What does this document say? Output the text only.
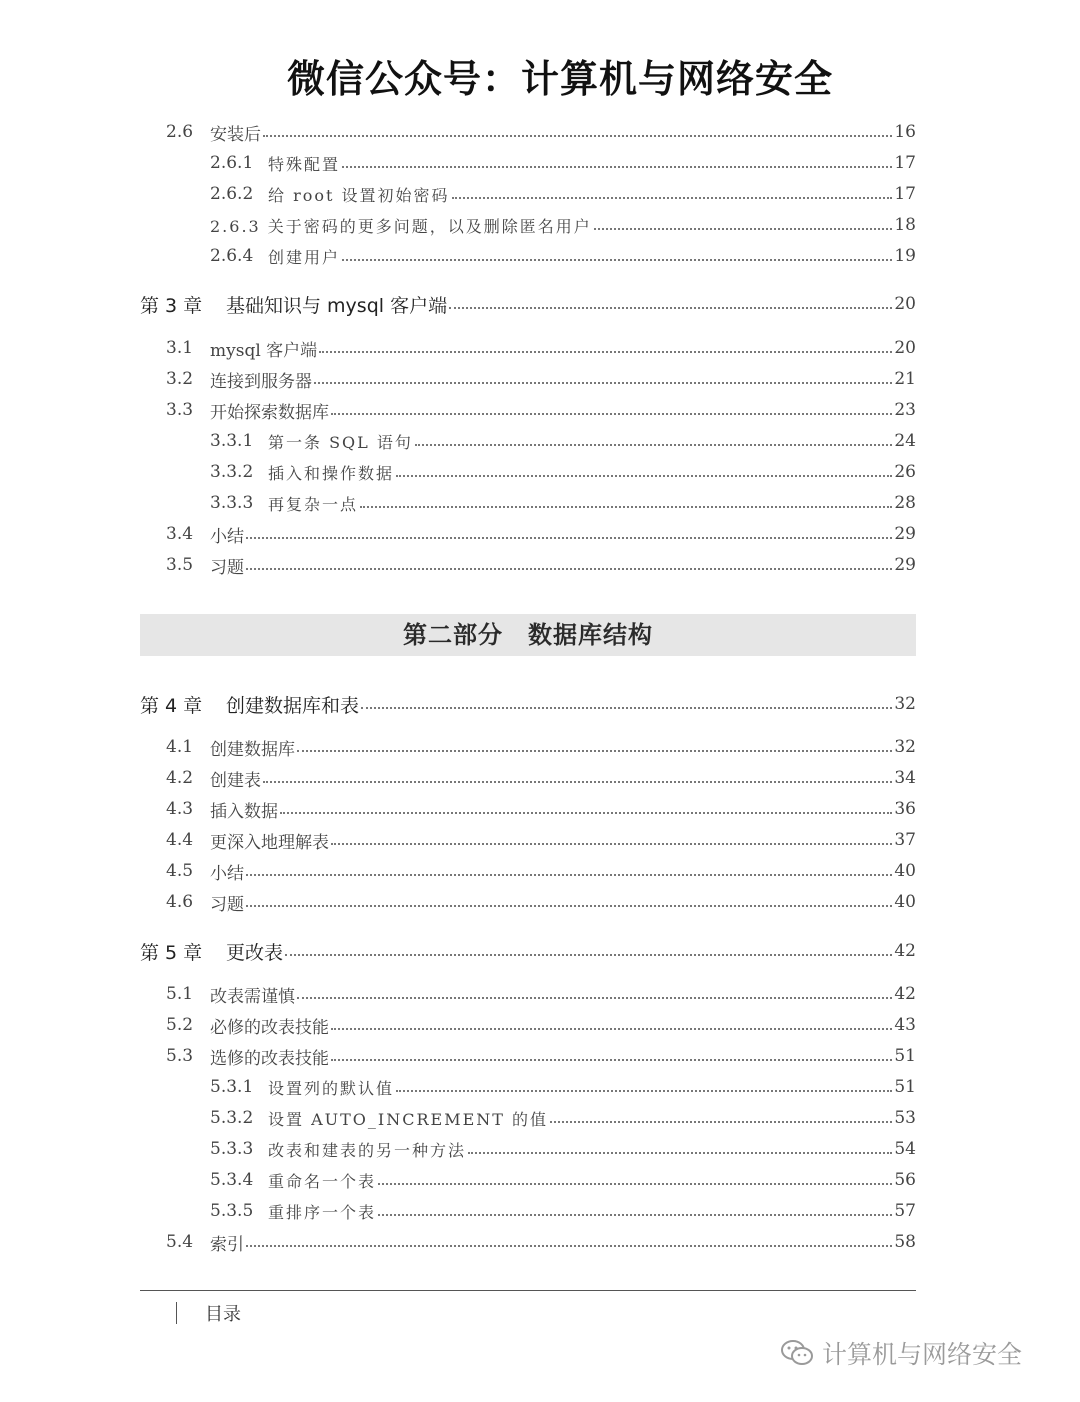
微信公众号：计算机与网络安全
第二部分　数据库结构
2.6 安装后	16
2.6.1 特殊配置	17
2.6.2 给 root 设置初始密码	17
2.6.3 关于密码的更多问题，以及删除匿名用户	18
2.6.4 创建用户	19
第 3 章	基础知识与 mysql 客户端	20
3.1 mysql 客户端	20
3.2 连接到服务器	21
3.3 开始探索数据库	23
3.3.1 第一条 SQL 语句	24
3.3.2 插入和操作数据	26
3.3.3 再复杂一点	28
3.4 小结	29
3.5 习题	29
第 4 章	创建数据库和表	32
4.1 创建数据库	32
4.2 创建表	34
4.3 插入数据	36
4.4 更深入地理解表	37
4.5 小结	40
4.6 习题	40
第 5 章	更改表	42
5.1 改表需谨慎	42
5.2 必修的改表技能	43
5.3 选修的改表技能	51
5.3.1 设置列的默认值	51
5.3.2 设置 AUTO_INCREMENT 的值	53
5.3.3 改表和建表的另一种方法	54
5.3.4 重命名一个表	56
5.3.5 重排序一个表	57
5.4 索引	58
目录
计算机与网络安全
